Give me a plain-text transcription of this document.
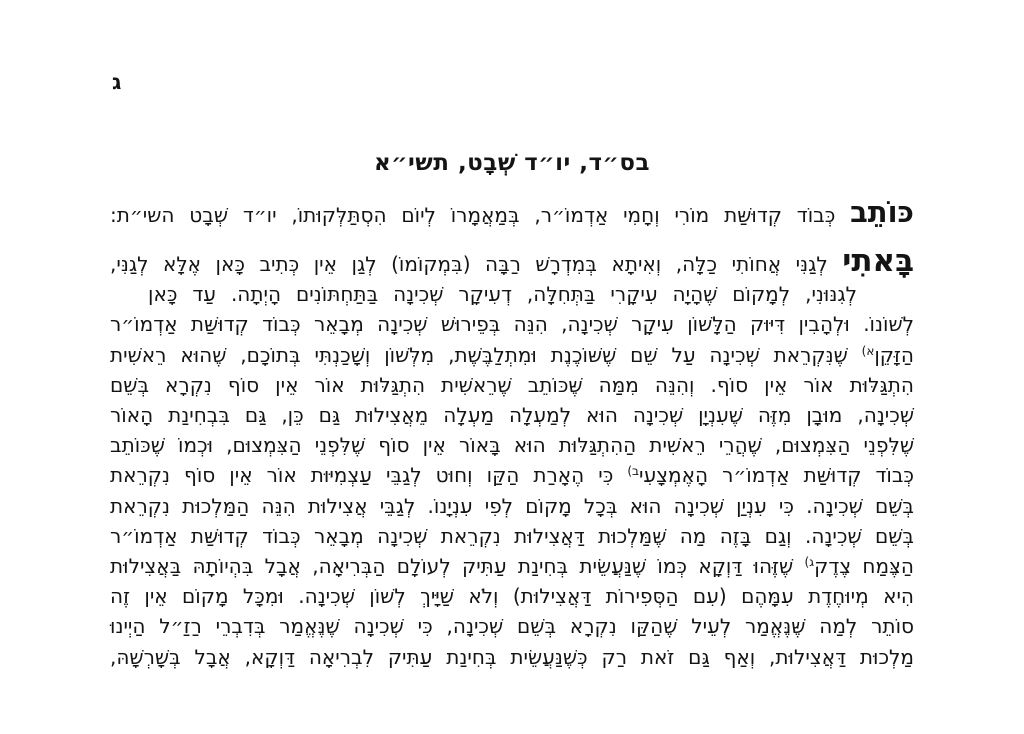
ג
בס״ד, יו״ד שְׁבָט, תשי״א
כּוֹתֵב כְּבוֹד קְדוּשַּׁת מוֹרִי וְחָמִי אַדְמוֹ״ר, בְּמַאֲמָרוֹ לְיוֹם הִסְתַּלְּקוּתוֹ, יו״ד שְׁבָט השי״ת:
בָּאתִי לְגַנִּי אֲחוֹתִי כַלָּה, וְאִיתָא בְּמִדְרָשׁ רַבָּה (בִּמְקוֹמוֹ) לְגַן אֵין כְּתִיב כָּאן אֶלָּא לְגַנִּי,
לְגִנּוּנִי, לְמָקוֹם שֶׁהָיָה עִיקָרִי בַּתְּחִלָּה, דְעִיקָר שְׁכִינָה בַּתַּחְתּוֹנִים הָיְתָה. עַד כָּאן
לְשׁוֹנוֹ. וּלְהָבִין דִּיּוּק הַלָּשׁוֹן עִיקָר שְׁכִינָה, הִנֵּה בְּפֵירוּשׁ שְׁכִינָה מְבָאֵר כְּבוֹד קְדוּשַּׁת אַדְמוֹ״ר
הַזָּקֵן$^{א)}$ שֶׁנִּקְרֵאת שְׁכִינָה עַל שֵׁם שֶׁשּׁוֹכֶנֶת וּמִתְלַבֶּשֶׁת, מִלְּשׁוֹן וְשָׁכַנְתִּי בְּתוֹכָם, שֶׁהוּא רֵאשִׁית
הִתְגַּלּוּת אוֹר אֵין סוֹף. וְהִנֵּה מִמַּה שֶּׁכּוֹתֵב שֶׁרֵאשִׁית הִתְגַּלּוּת אוֹר אֵין סוֹף נִקְרָא בְּשֵׁם
שְׁכִינָה, מוּבָן מִזֶּה שֶׁעִנְיָן שְׁכִינָה הוּא לְמַעְלָה מַעְלָה מֵאֲצִילוּת גַּם כֵּן, גַּם בִּבְחִינַת הָאוֹר
שֶׁלִּפְנֵי הַצִּמְצוּם, שֶׁהֲרֵי רֵאשִׁית הַהִתְגַּלּוּת הוּא בָּאוֹר אֵין סוֹף שֶׁלִּפְנֵי הַצִּמְצוּם, וּכְמוֹ שֶׁכּוֹתֵב
כְּבוֹד קְדוּשַּׁת אַדְמוֹ״ר הָאֶמְצָעִי$^{ב)}$ כִּי הֶאָרַת הַקַּו וְחוּט לְגַבֵּי עַצְמִיּוּת אוֹר אֵין סוֹף נִקְרֵאת
בְּשֵׁם שְׁכִינָה. כִּי עִנְיַן שְׁכִינָה הוּא בְּכָל מָקוֹם לְפִי עִנְיָנוֹ. לְגַבֵּי אֲצִילוּת הִנֵּה הַמַּלְכוּת נִקְרֵאת
בְּשֵׁם שְׁכִינָה. וְגַם בָּזֶה מַה שֶּׁמַּלְכוּת דַּאֲצִילוּת נִקְרֵאת שְׁכִינָה מְבָאֵר כְּבוֹד קְדוּשַּׁת אַדְמוֹ״ר
הַצֶּמַח צֶדֶק$^{ג)}$ שֶׁזֶּהוּ דַּוְקָא כְּמוֹ שֶׁנַּעֲשֵׂית בְּחִינַת עַתִּיק לְעוֹלָם הַבְּרִיאָה, אֲבָל בִּהְיוֹתָהּ בַּאֲצִילוּת
הִיא מְיוּחֶדֶת עִמָּהֶם (עִם הַסְּפִירוֹת דַּאֲצִילוּת) וְלֹא שַׁיָּיךְ לְשׁוֹן שְׁכִינָה. וּמִכָּל מָקוֹם אֵין זֶה
סוֹתֵר לְמַה שֶּׁנֶּאֱמַר לְעֵיל שֶׁהַקַּו נִקְרָא בְּשֵׁם שְׁכִינָה, כִּי שְׁכִינָה שֶׁנֶּאֱמַר בְּדִבְרֵי רַזַ״ל הַיְינוּ
מַלְכוּת דַּאֲצִילוּת, וְאַף גַּם זֹאת רַק כְּשֶׁנַּעֲשֵׂית בְּחִינַת עַתִּיק לִבְרִיאָה דַּוְקָא, אֲבָל בְּשָׁרְשָׁהּ,
